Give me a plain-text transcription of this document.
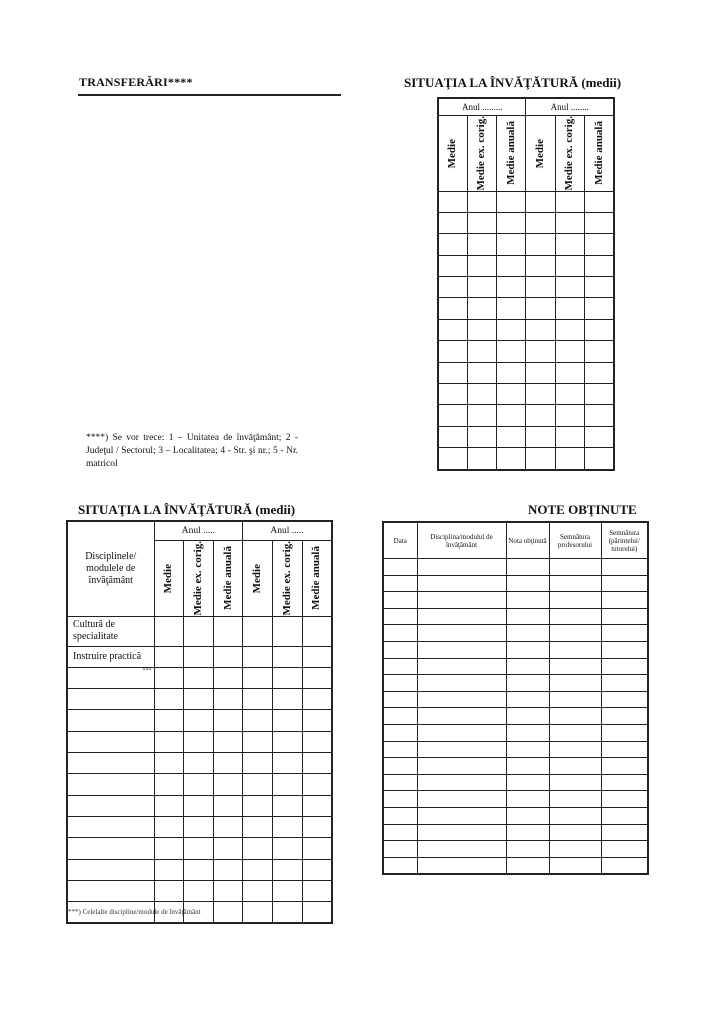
TRANSFERĂRI****
****) Se vor trece: 1 – Unitatea de învăţământ; 2 - Judeţul / Sectorul; 3 – Localitatea; 4 - Str. şi nr.; 5 - Nr. matricol
SITUAŢIA LA ÎNVĂŢĂTURĂ (medii)
Anul .........			Anul ........		

Medie	Medie ex. corig.	Medie anuală	Medie	Medie ex. corig.	Medie anuală

SITUAŢIA LA ÎNVĂŢĂTURĂ (medii)
Disciplinele/ modulele de învăţământ	Anul .....			Anul .....		

	Medie	Medie ex. corig.	Medie anuală	Medie	Medie ex. corig.	Medie anuală

Cultură de specialitate						
Instruire practică						
***						

***) Celelalte discipline/module de învăţământ
NOTE OBŢINUTE
Data	Disciplina/modulul de învăţământ	Nota obţinută	Semnătura profesorului	Semnătura (părintelui/ tutorelui)
